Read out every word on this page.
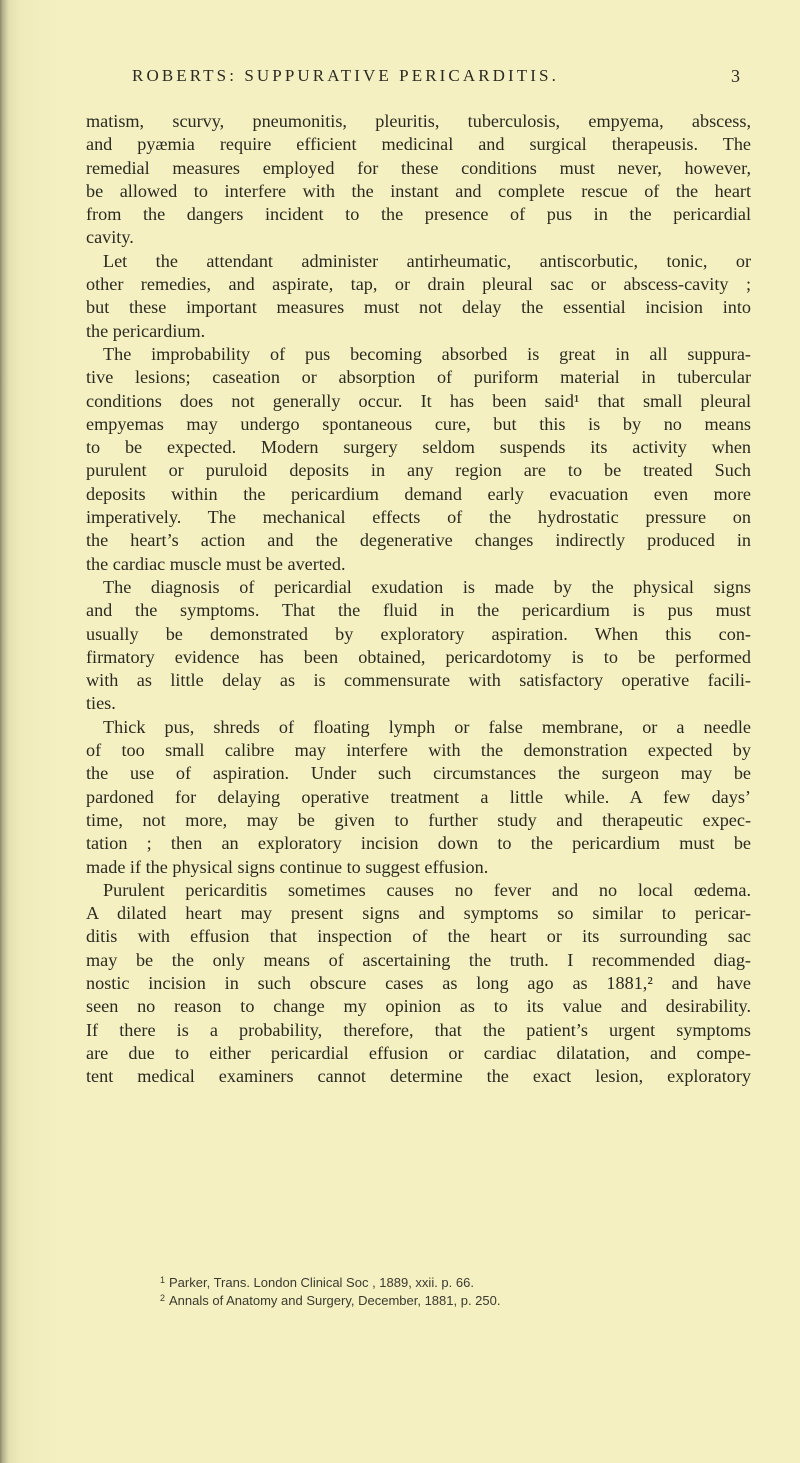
ROBERTS: SUPPURATIVE PERICARDITIS.	3
matism, scurvy, pneumonitis, pleuritis, tuberculosis, empyema, abscess,
and pyæmia require efficient medicinal and surgical therapeusis. The
remedial measures employed for these conditions must never, however,
be allowed to interfere with the instant and complete rescue of the heart
from the dangers incident to the presence of pus in the pericardial
cavity.
Let the attendant administer antirheumatic, antiscorbutic, tonic, or
other remedies, and aspirate, tap, or drain pleural sac or abscess-cavity ;
but these important measures must not delay the essential incision into
the pericardium.
The improbability of pus becoming absorbed is great in all suppura-
tive lesions; caseation or absorption of puriform material in tubercular
conditions does not generally occur. It has been said¹ that small pleural
empyemas may undergo spontaneous cure, but this is by no means
to be expected. Modern surgery seldom suspends its activity when
purulent or puruloid deposits in any region are to be treated Such
deposits within the pericardium demand early evacuation even more
imperatively. The mechanical effects of the hydrostatic pressure on
the heart’s action and the degenerative changes indirectly produced in
the cardiac muscle must be averted.
The diagnosis of pericardial exudation is made by the physical signs
and the symptoms. That the fluid in the pericardium is pus must
usually be demonstrated by exploratory aspiration. When this con-
firmatory evidence has been obtained, pericardotomy is to be performed
with as little delay as is commensurate with satisfactory operative facili-
ties.
Thick pus, shreds of floating lymph or false membrane, or a needle
of too small calibre may interfere with the demonstration expected by
the use of aspiration. Under such circumstances the surgeon may be
pardoned for delaying operative treatment a little while. A few days’
time, not more, may be given to further study and therapeutic expec-
tation ; then an exploratory incision down to the pericardium must be
made if the physical signs continue to suggest effusion.
Purulent pericarditis sometimes causes no fever and no local œdema.
A dilated heart may present signs and symptoms so similar to pericar-
ditis with effusion that inspection of the heart or its surrounding sac
may be the only means of ascertaining the truth. I recommended diag-
nostic incision in such obscure cases as long ago as 1881,² and have
seen no reason to change my opinion as to its value and desirability.
If there is a probability, therefore, that the patient’s urgent symptoms
are due to either pericardial effusion or cardiac dilatation, and compe-
tent medical examiners cannot determine the exact lesion, exploratory
$^1$ Parker, Trans. London Clinical Soc , 1889, xxii. p. 66.
$^2$ Annals of Anatomy and Surgery, December, 1881, p. 250.
